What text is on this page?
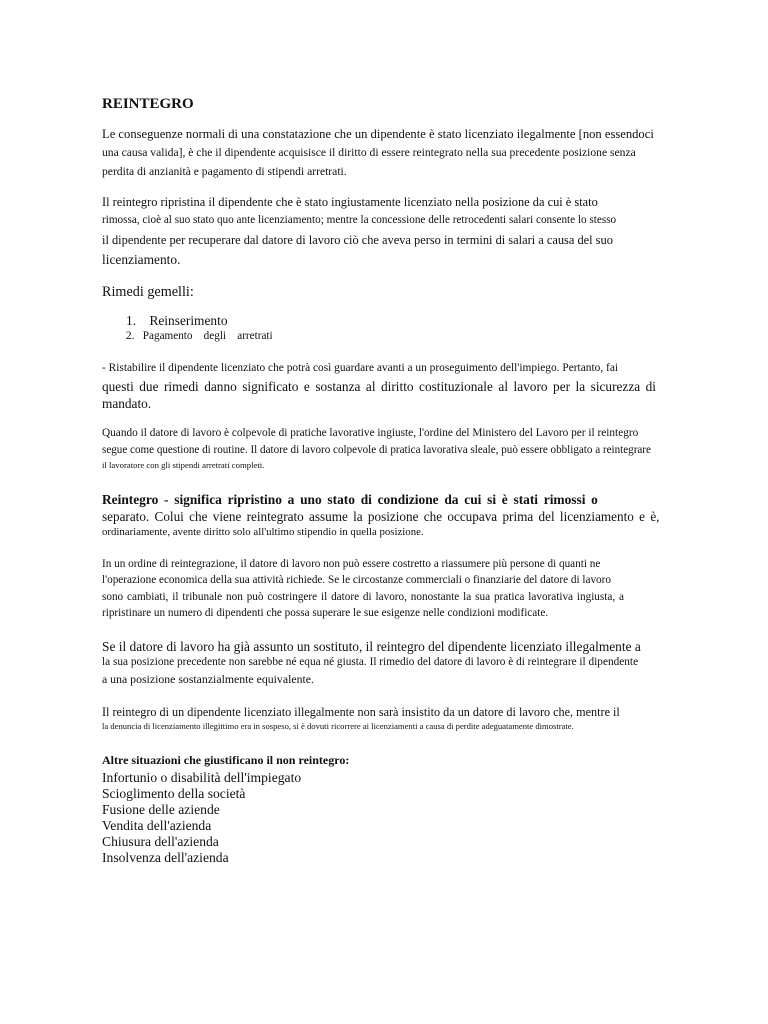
REINTEGRO
Le conseguenze normali di una constatazione che un dipendente è stato licenziato ilegalmente [non essendoci
una causa valida], è che il dipendente acquisisce il diritto di essere reintegrato nella sua precedente posizione senza
perdita di anzianità e pagamento di stipendi arretrati.
Il reintegro ripristina il dipendente che è stato ingiustamente licenziato nella posizione da cui è stato
rimossa, cioè al suo stato quo ante licenziamento; mentre la concessione delle retrocedenti salari consente lo stesso
il dipendente per recuperare dal datore di lavoro ciò che aveva perso in termini di salari a causa del suo
licenziamento.
Rimedi gemelli:
1. Reinserimento
2. Pagamento    degli    arretrati
- Ristabilire il dipendente licenziato che potrà così guardare avanti a un proseguimento dell'impiego. Pertanto, fai
questi due rimedi danno significato e sostanza al diritto costituzionale al lavoro per la sicurezza di
mandato.
Quando il datore di lavoro è colpevole di pratiche lavorative ingiuste, l'ordine del Ministero del Lavoro per il reintegro
segue come questione di routine. Il datore di lavoro colpevole di pratica lavorativa sleale, può essere obbligato a reintegrare
il lavoratore con gli stipendi arretrati completi.
Reintegro - significa ripristino a uno stato di condizione da cui si è stati rimossi o
separato. Colui che viene reintegrato assume la posizione che occupava prima del licenziamento e è,
ordinariamente, avente diritto solo all'ultimo stipendio in quella posizione.
In un ordine di reintegrazione, il datore di lavoro non può essere costretto a riassumere più persone di quanti ne
l'operazione economica della sua attività richiede. Se le circostanze commerciali o finanziarie del datore di lavoro
sono cambiati, il tribunale non può costringere il datore di lavoro, nonostante la sua pratica lavorativa ingiusta, a
ripristinare un numero di dipendenti che possa superare le sue esigenze nelle condizioni modificate.
Se il datore di lavoro ha già assunto un sostituto, il reintegro del dipendente licenziato illegalmente a
la sua posizione precedente non sarebbe né equa né giusta. Il rimedio del datore di lavoro è di reintegrare il dipendente
a una posizione sostanzialmente equivalente.
Il reintegro di un dipendente licenziato illegalmente non sarà insistito da un datore di lavoro che, mentre il
la denuncia di licenziamento illegittimo era in sospeso, si è dovuti ricorrere ai licenziamenti a causa di perdite adeguatamente dimostrate.
Altre situazioni che giustificano il non reintegro:
Infortunio o disabilità dell'impiegato
Scioglimento della società
Fusione delle aziende
Vendita dell'azienda
Chiusura dell'azienda
Insolvenza dell'azienda
